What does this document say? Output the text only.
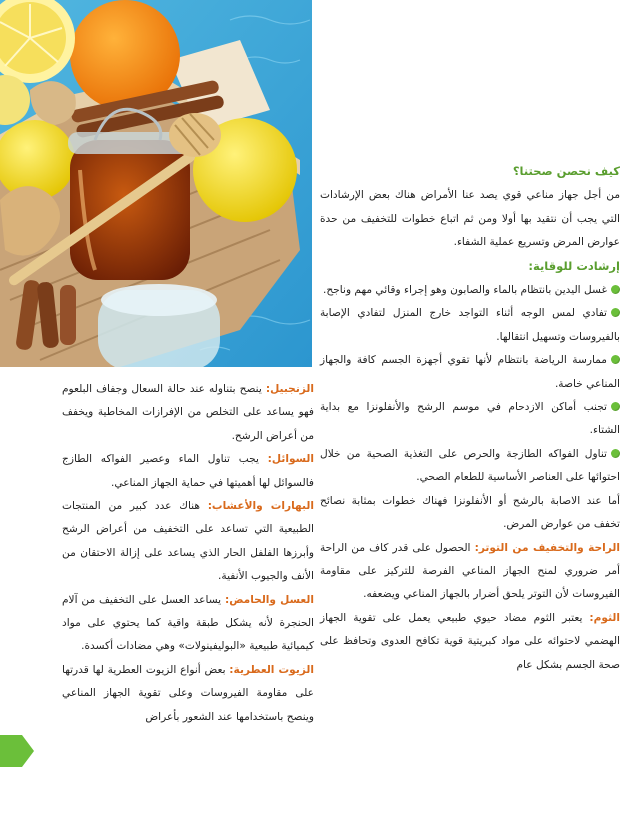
كيف نحصن صحتنا؟

من أجل جهاز مناعي قوي يصد عنا الأمراض هناك بعض الإرشادات التي يجب أن نتقيد بها أولا ومن ثم اتباع خطوات للتخفيف من حدة عوارض المرض وتسريع عملية الشفاء.

إرشادت للوقاية:

غسل اليدين بانتظام بالماء والصابون وهو إجراء وقائي مهم وناجح.

تفادي لمس الوجه أثناء التواجد خارج المنزل لتفادي الإصابة بالفيروسات وتسهيل انتقالها.

ممارسة الرياضة بانتظام لأنها تقوي أجهزة الجسم كافة والجهاز المناعي خاصة.

تجنب أماكن الازدحام في موسم الرشح والأنفلونزا مع بداية الشتاء.

تناول الفواكه الطازجة والحرص على التغذية الصحية من خلال احتوائها على العناصر الأساسية للطعام الصحي.

أما عند الاصابة بالرشح أو الأنفلونزا فهناك خطوات بمثابة نصائح تخفف من عوارض المرض.

الراحة والتخفيف من التوتر: الحصول على قدر كاف من الراحة أمر ضروري لمنح الجهاز المناعي الفرصة للتركيز على مقاومة الفيروسات لأن التوتر يلحق أضرار بالجهاز المناعي ويضعفه.

الثوم: يعتبر الثوم مضاد حيوي طبيعي يعمل على تقوية الجهاز الهضمي لاحتوائه على مواد كبريتية قوية تكافح العدوى وتحافظ على صحة الجسم بشكل عام

الزنجبيل: ينصح بتناوله عند حالة السعال وجفاف البلعوم فهو يساعد على التخلص من الإفرازات المخاطية ويخفف من أعراض الرشح.

السوائل: يجب تناول الماء وعصير الفواكه الطازج فالسوائل لها أهميتها في حماية الجهاز المناعي.

البهارات والأعشاب: هناك عدد كبير من المنتجات الطبيعية التي تساعد على التخفيف من أعراض الرشح وأبرزها الفلفل الحار الذي يساعد على إزالة الاحتقان من الأنف والجيوب الأنفية.

العسل والحامض: يساعد العسل على التخفيف من آلام الحنجرة لأنه يشكل طبقة واقية كما يحتوي على مواد كيميائية طبيعية «البوليفينولات» وهي مضادات أكسدة.

الزيوت العطرية: بعض أنواع الزيوت العطرية لها قدرتها على مقاومة الفيروسات وعلى تقوية الجهاز المناعي وينصح باستخدامها عند الشعور بأعراض
